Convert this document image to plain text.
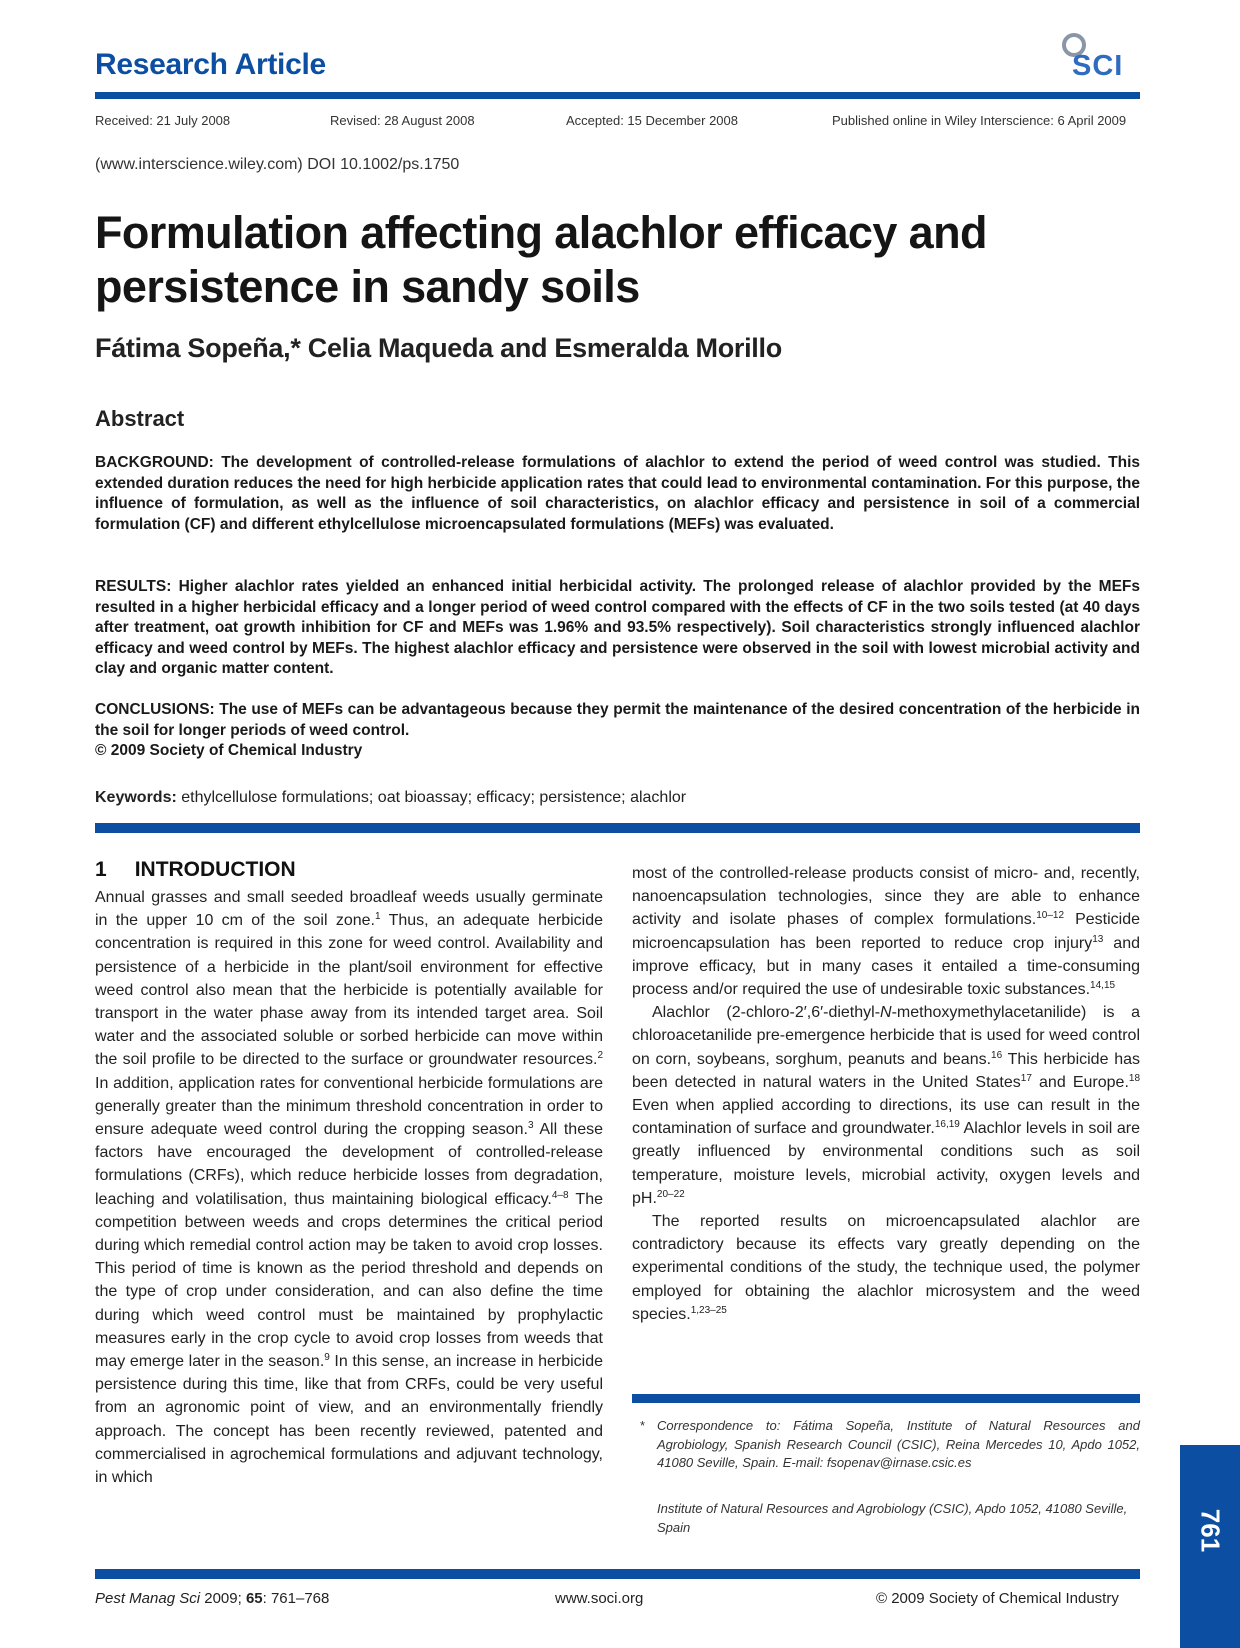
Research Article	SCI
Received: 21 July 2008	Revised: 28 August 2008	Accepted: 15 December 2008	Published online in Wiley Interscience: 6 April 2009
(www.interscience.wiley.com) DOI 10.1002/ps.1750
Formulation affecting alachlor efficacy and persistence in sandy soils
Fátima Sopeña,* Celia Maqueda and Esmeralda Morillo
Abstract
BACKGROUND: The development of controlled-release formulations of alachlor to extend the period of weed control was studied. This extended duration reduces the need for high herbicide application rates that could lead to environmental contamination. For this purpose, the influence of formulation, as well as the influence of soil characteristics, on alachlor efficacy and persistence in soil of a commercial formulation (CF) and different ethylcellulose microencapsulated formulations (MEFs) was evaluated.
RESULTS: Higher alachlor rates yielded an enhanced initial herbicidal activity. The prolonged release of alachlor provided by the MEFs resulted in a higher herbicidal efficacy and a longer period of weed control compared with the effects of CF in the two soils tested (at 40 days after treatment, oat growth inhibition for CF and MEFs was 1.96% and 93.5% respectively). Soil characteristics strongly influenced alachlor efficacy and weed control by MEFs. The highest alachlor efficacy and persistence were observed in the soil with lowest microbial activity and clay and organic matter content.
CONCLUSIONS: The use of MEFs can be advantageous because they permit the maintenance of the desired concentration of the herbicide in the soil for longer periods of weed control.
© 2009 Society of Chemical Industry
Keywords: ethylcellulose formulations; oat bioassay; efficacy; persistence; alachlor
1 INTRODUCTION

Annual grasses and small seeded broadleaf weeds usually germinate in the upper 10 cm of the soil zone.$^1$ Thus, an adequate herbicide concentration is required in this zone for weed control. Availability and persistence of a herbicide in the plant/soil environment for effective weed control also mean that the herbicide is potentially available for transport in the water phase away from its intended target area. Soil water and the associated soluble or sorbed herbicide can move within the soil profile to be directed to the surface or groundwater resources.$^2$ In addition, application rates for conventional herbicide formulations are generally greater than the minimum threshold concentration in order to ensure adequate weed control during the cropping season.$^3$ All these factors have encouraged the development of controlled-release formulations (CRFs), which reduce herbicide losses from degradation, leaching and volatilisation, thus maintaining biological efficacy.$^{4-8}$ The competition between weeds and crops determines the critical period during which remedial control action may be taken to avoid crop losses. This period of time is known as the period threshold and depends on the type of crop under consideration, and can also define the time during which weed control must be maintained by prophylactic measures early in the crop cycle to avoid crop losses from weeds that may emerge later in the season.$^9$ In this sense, an increase in herbicide persistence during this time, like that from CRFs, could be very useful from an agronomic point of view, and an environmentally friendly approach. The concept has been recently reviewed, patented and commercialised in agrochemical formulations and adjuvant technology, in which

most of the controlled-release products consist of micro- and, recently, nanoencapsulation technologies, since they are able to enhance activity and isolate phases of complex formulations.$^{10-12}$ Pesticide microencapsulation has been reported to reduce crop injury$^{13}$ and improve efficacy, but in many cases it entailed a time-consuming process and/or required the use of undesirable toxic substances.$^{14,15}$

Alachlor (2-chloro-2′,6′-diethyl-N-methoxymethylacetanilide) is a chloroacetanilide pre-emergence herbicide that is used for weed control on corn, soybeans, sorghum, peanuts and beans.$^{16}$ This herbicide has been detected in natural waters in the United States$^{17}$ and Europe.$^{18}$ Even when applied according to directions, its use can result in the contamination of surface and groundwater.$^{16,19}$ Alachlor levels in soil are greatly influenced by environmental conditions such as soil temperature, moisture levels, microbial activity, oxygen levels and pH.$^{20-22}$

The reported results on microencapsulated alachlor are contradictory because its effects vary greatly depending on the experimental conditions of the study, the technique used, the polymer employed for obtaining the alachlor microsystem and the weed species.$^{1,23-25}$

* Correspondence to: Fátima Sopeña, Institute of Natural Resources and Agrobiology, Spanish Research Council (CSIC), Reina Mercedes 10, Apdo 1052, 41080 Seville, Spain. E-mail: fsopenav@irnase.csic.es
Institute of Natural Resources and Agrobiology (CSIC), Apdo 1052, 41080 Seville, Spain	761
Pest Manag Sci 2009; 65: 761–768	www.soci.org	© 2009 Society of Chemical Industry
